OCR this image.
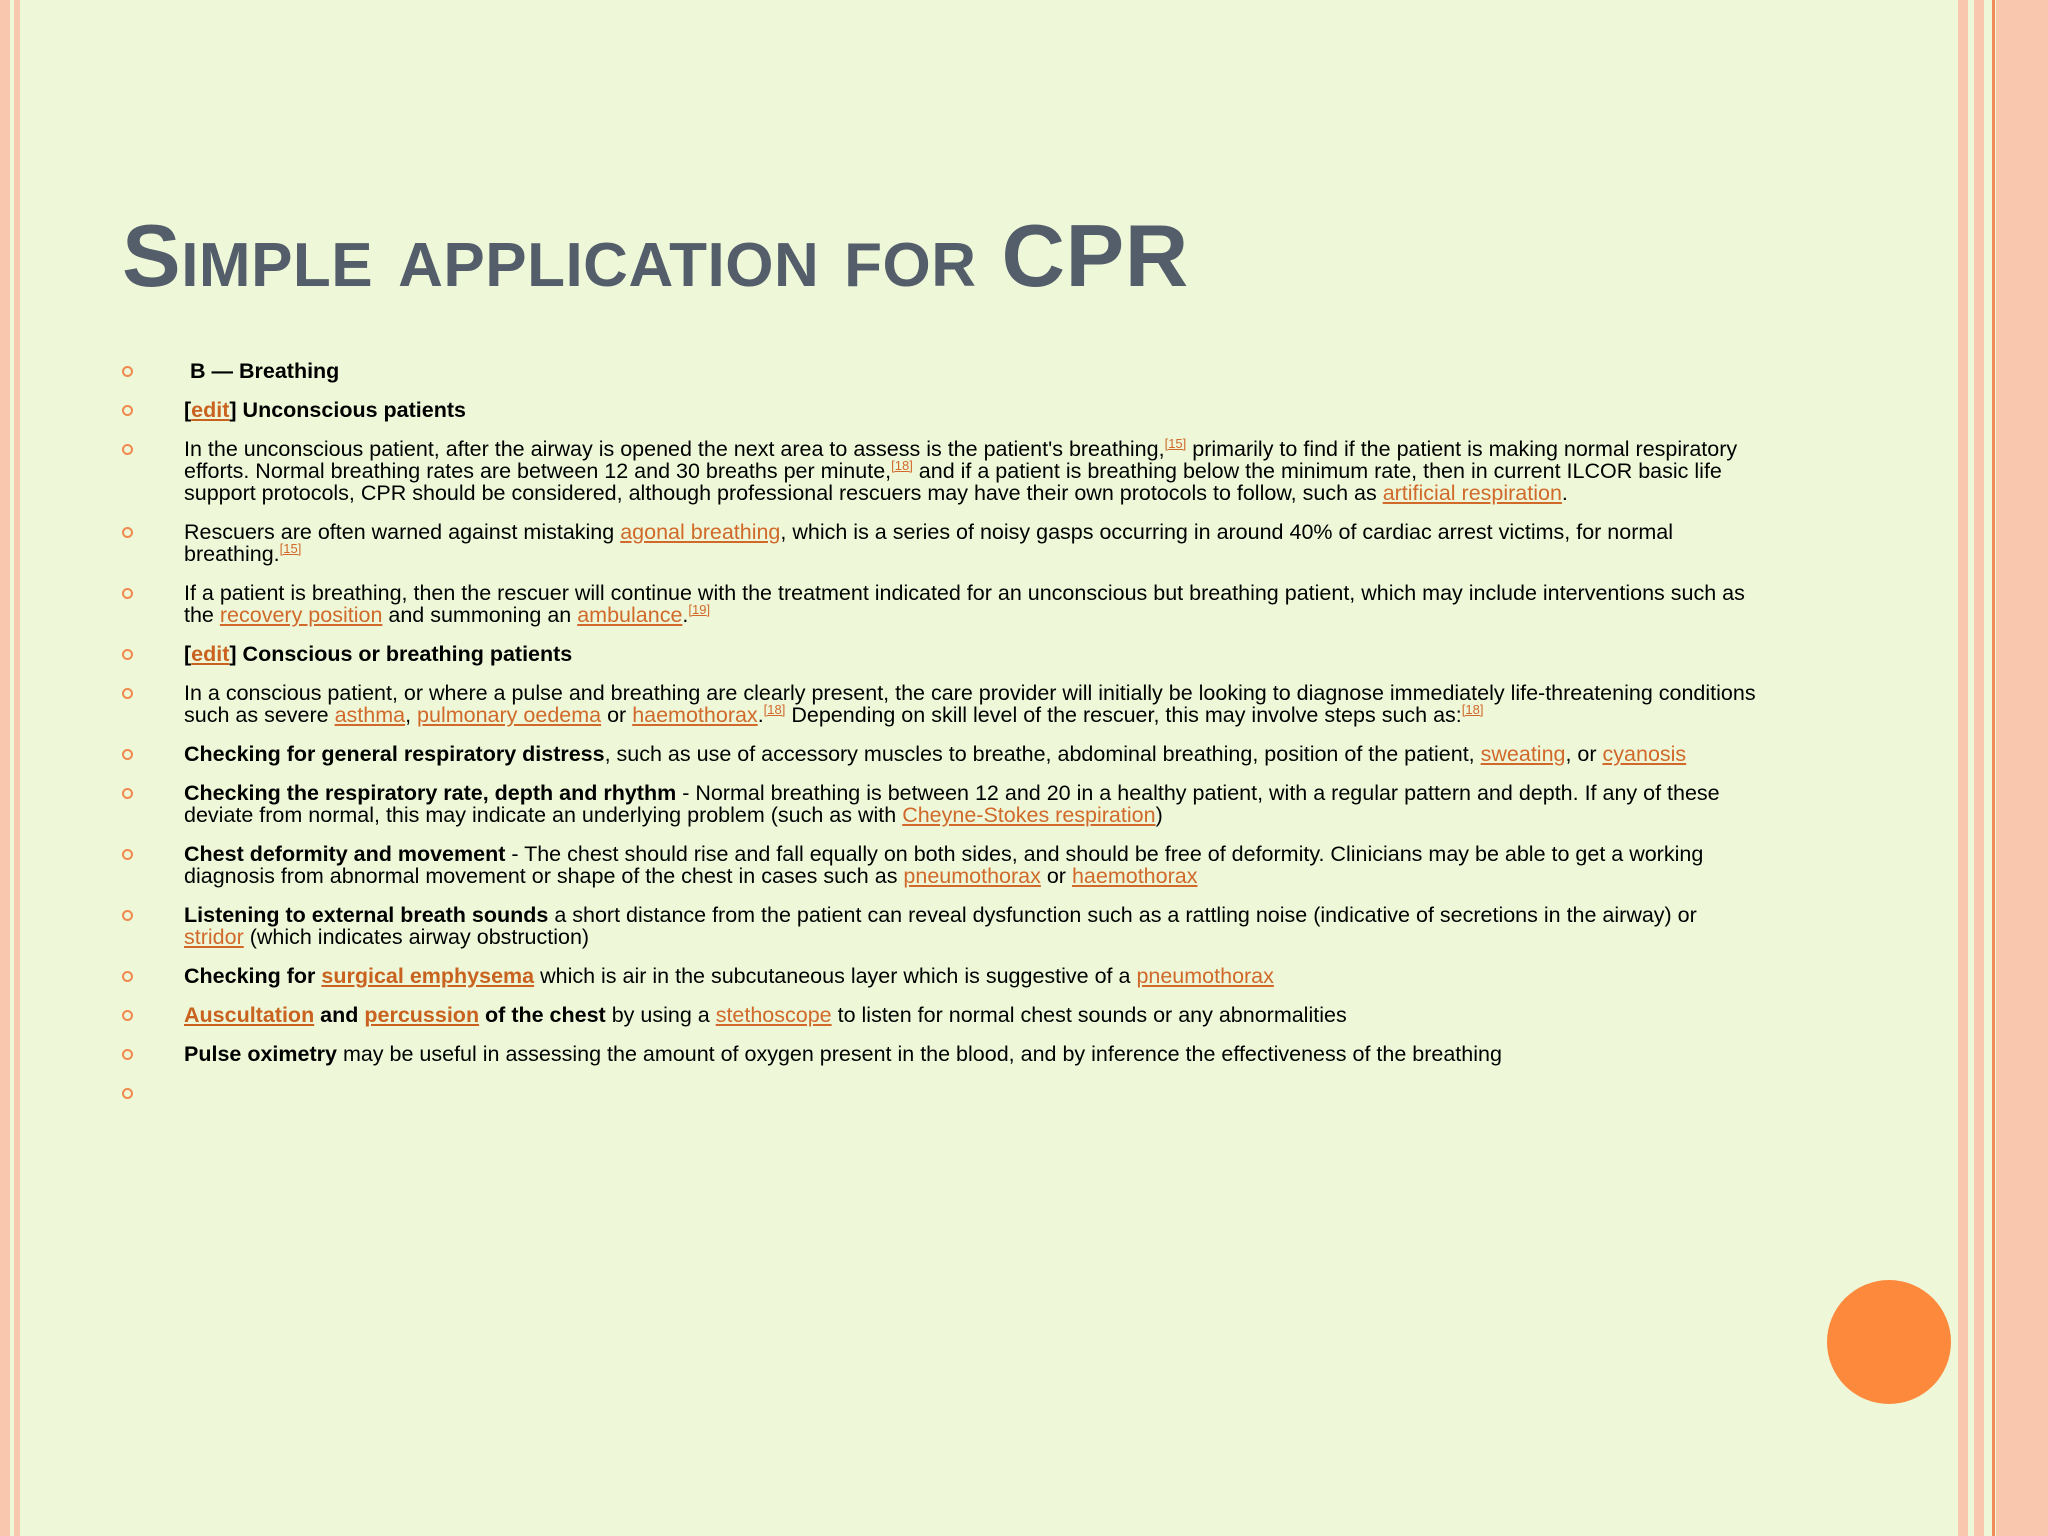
Simple application for CPR
B — Breathing
[edit] Unconscious patients
In the unconscious patient, after the airway is opened the next area to assess is the patient's breathing,[15] primarily to find if the patient is making normal respiratory efforts. Normal breathing rates are between 12 and 30 breaths per minute,[18] and if a patient is breathing below the minimum rate, then in current ILCOR basic life support protocols, CPR should be considered, although professional rescuers may have their own protocols to follow, such as artificial respiration.
Rescuers are often warned against mistaking agonal breathing, which is a series of noisy gasps occurring in around 40% of cardiac arrest victims, for normal breathing.[15]
If a patient is breathing, then the rescuer will continue with the treatment indicated for an unconscious but breathing patient, which may include interventions such as the recovery position and summoning an ambulance.[19]
[edit] Conscious or breathing patients
In a conscious patient, or where a pulse and breathing are clearly present, the care provider will initially be looking to diagnose immediately life-threatening conditions such as severe asthma, pulmonary oedema or haemothorax.[18] Depending on skill level of the rescuer, this may involve steps such as:[18]
Checking for general respiratory distress, such as use of accessory muscles to breathe, abdominal breathing, position of the patient, sweating, or cyanosis
Checking the respiratory rate, depth and rhythm - Normal breathing is between 12 and 20 in a healthy patient, with a regular pattern and depth. If any of these deviate from normal, this may indicate an underlying problem (such as with Cheyne-Stokes respiration)
Chest deformity and movement - The chest should rise and fall equally on both sides, and should be free of deformity. Clinicians may be able to get a working diagnosis from abnormal movement or shape of the chest in cases such as pneumothorax or haemothorax
Listening to external breath sounds a short distance from the patient can reveal dysfunction such as a rattling noise (indicative of secretions in the airway) or stridor (which indicates airway obstruction)
Checking for surgical emphysema which is air in the subcutaneous layer which is suggestive of a pneumothorax
Auscultation and percussion of the chest by using a stethoscope to listen for normal chest sounds or any abnormalities
Pulse oximetry may be useful in assessing the amount of oxygen present in the blood, and by inference the effectiveness of the breathing
